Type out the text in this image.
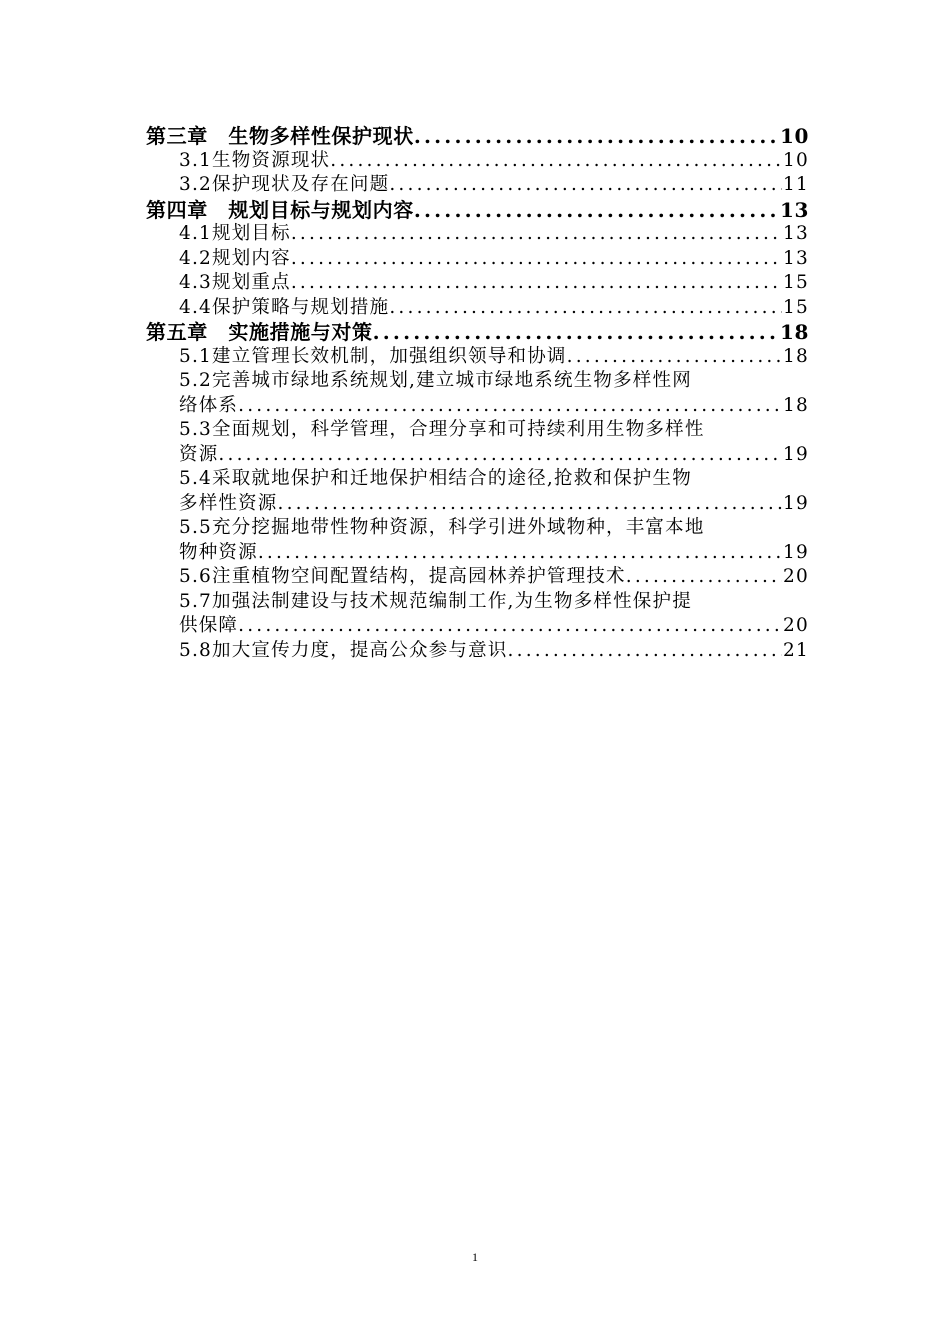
第三章　生物多样性保护现状 .....	10
3.1生物资源现状 .....	10
3.2保护现状及存在问题 .....	11
第四章　规划目标与规划内容 .....	13
4.1规划目标 .....	13
4.2规划内容 .....	13
4.3规划重点 .....	15
4.4保护策略与规划措施 .....	15
第五章　实施措施与对策 .....	18
5.1建立管理长效机制，加强组织领导和协调 .....	18
5.2完善城市绿地系统规划,建立城市绿地系统生物多样性网
络体系 .....	18
5.3全面规划，科学管理，合理分享和可持续利用生物多样性
资源 .....	19
5.4采取就地保护和迁地保护相结合的途径,抢救和保护生物
多样性资源 .....	19
5.5充分挖掘地带性物种资源，科学引进外域物种，丰富本地
物种资源 .....	19
5.6注重植物空间配置结构，提高园林养护管理技术 .....	20
5.7加强法制建设与技术规范编制工作,为生物多样性保护提
供保障 .....	20
5.8加大宣传力度，提高公众参与意识 .....	21
1
